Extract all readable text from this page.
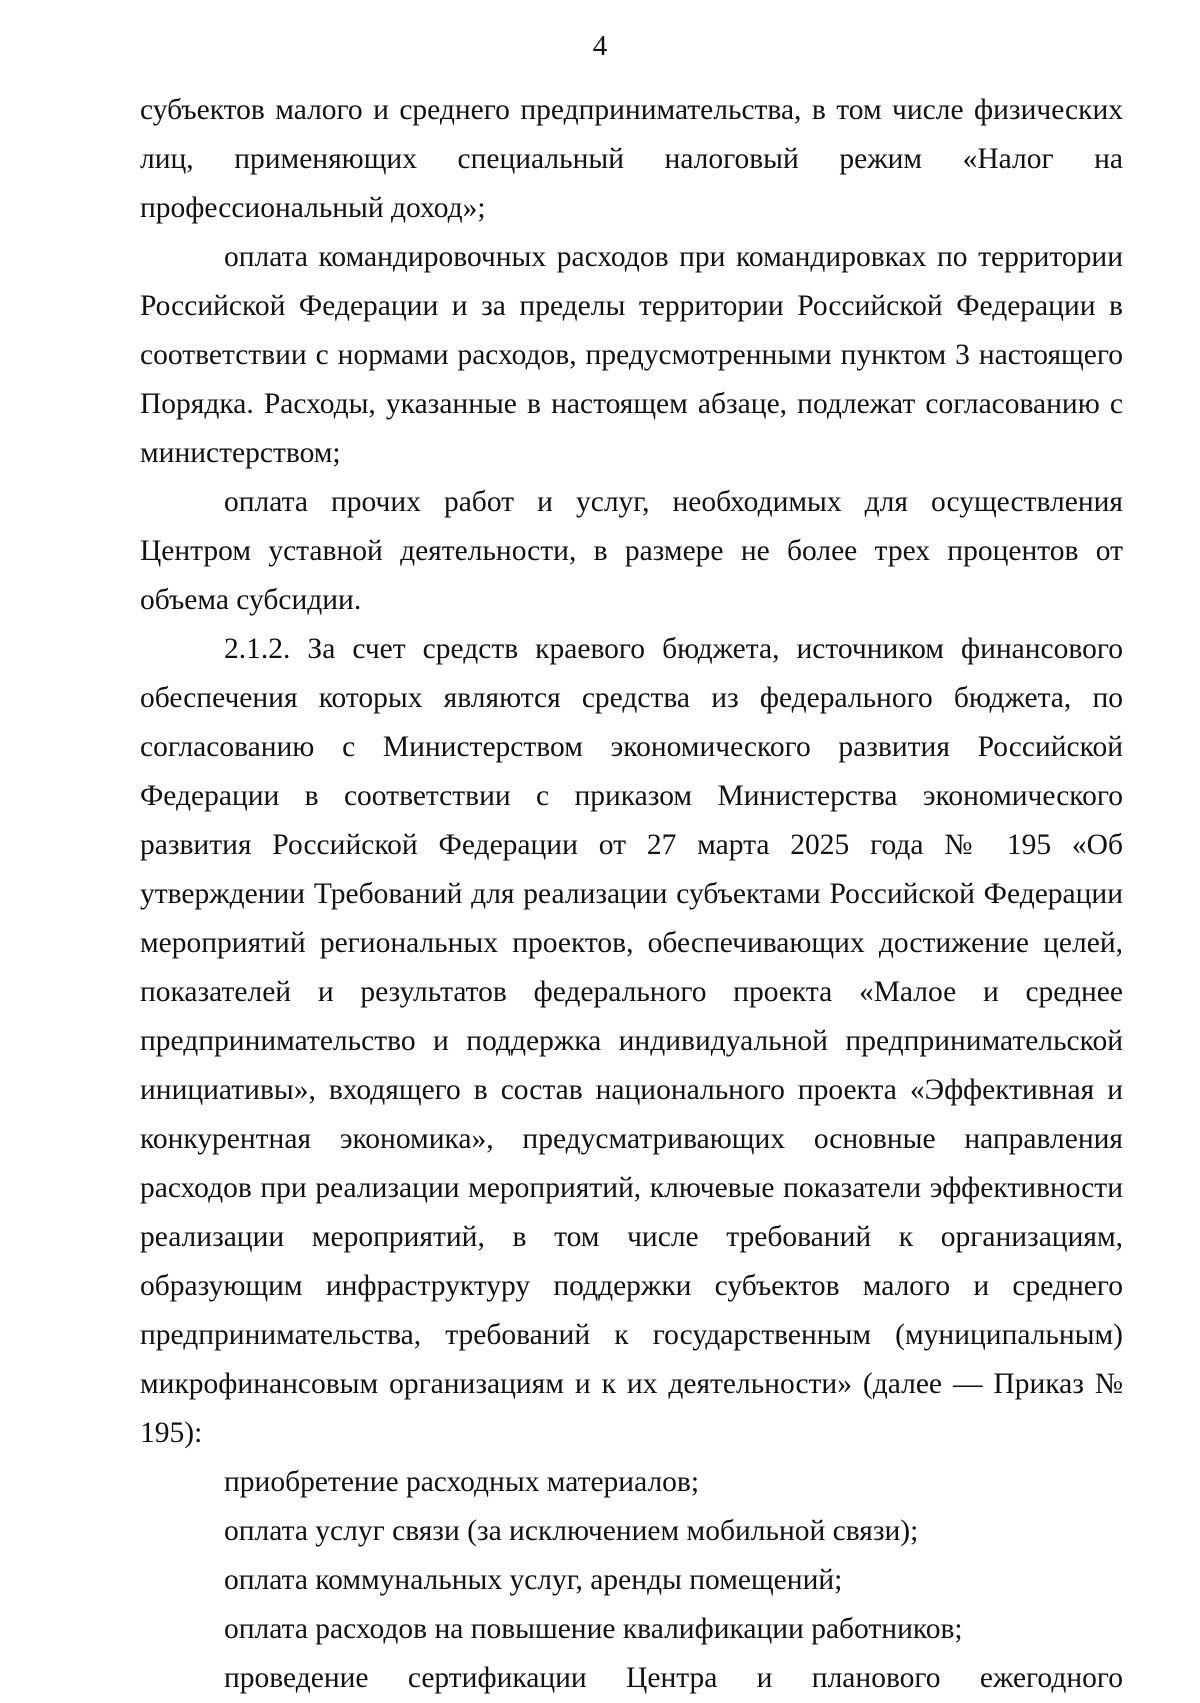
4

субъектов малого и среднего предпринимательства, в том числе физических лиц, применяющих специальный налоговый режим «Налог на профессиональный доход»;

оплата командировочных расходов при командировках по территории Российской Федерации и за пределы территории Российской Федерации в соответствии с нормами расходов, предусмотренными пунктом 3 настоящего Порядка. Расходы, указанные в настоящем абзаце, подлежат согласованию с министерством;

оплата прочих работ и услуг, необходимых для осуществления Центром уставной деятельности, в размере не более трех процентов от объема субсидии.

2.1.2. За счет средств краевого бюджета, источником финансового обеспечения которых являются средства из федерального бюджета, по согласованию с Министерством экономического развития Российской Федерации в соответствии с приказом Министерства экономического развития Российской Федерации от 27 марта 2025 года № 195 «Об утверждении Требований для реализации субъектами Российской Федерации мероприятий региональных проектов, обеспечивающих достижение целей, показателей и результатов федерального проекта «Малое и среднее предпринимательство и поддержка индивидуальной предпринимательской инициативы», входящего в состав национального проекта «Эффективная и конкурентная экономика», предусматривающих основные направления расходов при реализации мероприятий, ключевые показатели эффективности реализации мероприятий, в том числе требований к организациям, образующим инфраструктуру поддержки субъектов малого и среднего предпринимательства, требований к государственным (муниципальным) микрофинансовым организациям и к их деятельности» (далее — Приказ № 195):

приобретение расходных материалов;

оплата услуг связи (за исключением мобильной связи);

оплата коммунальных услуг, аренды помещений;

оплата расходов на повышение квалификации работников;

проведение сертификации Центра и планового ежегодного
